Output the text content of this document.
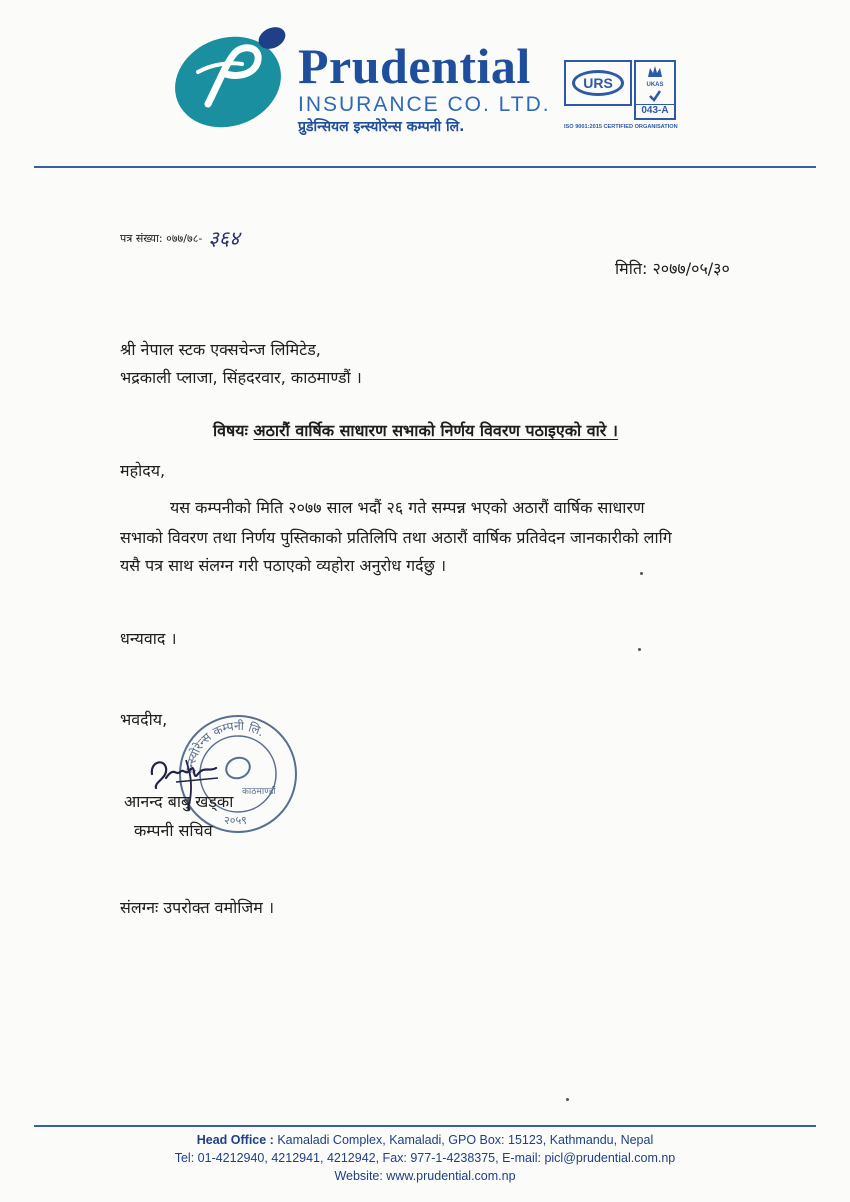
Prudential
INSURANCE CO. LTD.
प्रुडेन्सियल इन्स्योरेन्स कम्पनी लि.
URS	UKAS
043-A
ISO 9001:2015 CERTIFIED ORGANISATION
पत्र संख्या: ०७७/७८- ३६४
मिति: २०७७/०५/३०
श्री नेपाल स्टक एक्सचेन्ज लिमिटेड,
भद्रकाली प्लाजा, सिंहदरवार, काठमाण्डौं ।
विषयः अठारौं वार्षिक साधारण सभाको निर्णय विवरण पठाइएको वारे ।
महोदय,
यस कम्पनीको मिति २०७७ साल भदौं २६ गते सम्पन्न भएको अठारौं वार्षिक साधारण
सभाको विवरण तथा निर्णय पुस्तिकाको प्रतिलिपि तथा अठारौं वार्षिक प्रतिवेदन जानकारीको लागि
यसै पत्र साथ संलग्न गरी पठाएको व्यहोरा अनुरोध गर्दछु ।
धन्यवाद ।
भवदीय,
इन्स्योरेन्स कम्पनी लि.
काठमाण्डौं
२०५९
आनन्द बाबु खड्का
कम्पनी सचिव
संलग्नः उपरोक्त वमोजिम ।
Head Office : Kamaladi Complex, Kamaladi, GPO Box: 15123, Kathmandu, Nepal
Tel: 01-4212940, 4212941, 4212942, Fax: 977-1-4238375, E-mail: picl@prudential.com.np
Website: www.prudential.com.np
